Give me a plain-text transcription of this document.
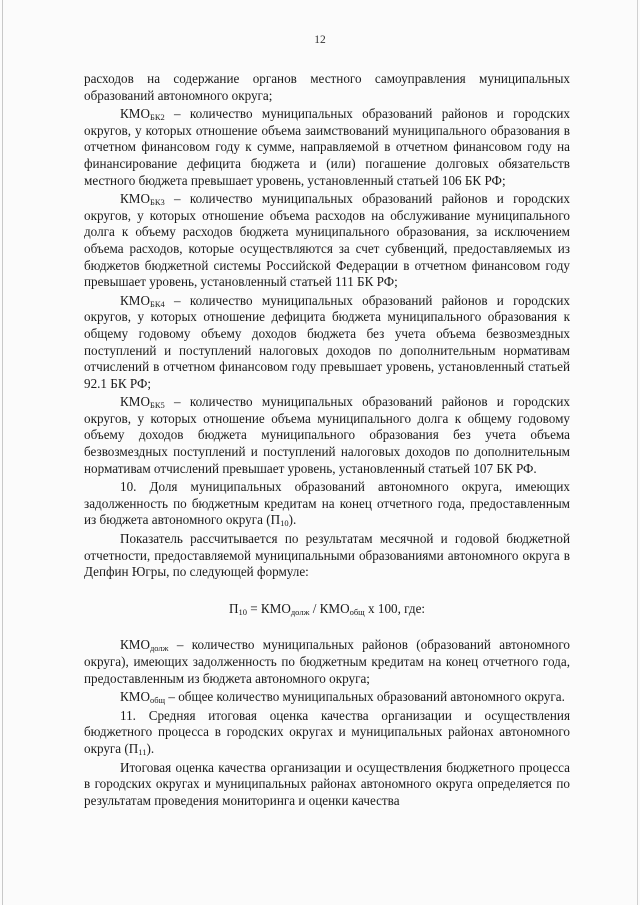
12

расходов на содержание органов местного самоуправления муниципальных образований автономного округа;

$КМО_{БК2}$ – количество муниципальных образований районов и городских округов, у которых отношение объема заимствований муниципального образования в отчетном финансовом году к сумме, направляемой в отчетном финансовом году на финансирование дефицита бюджета и (или) погашение долговых обязательств местного бюджета превышает уровень, установленный статьей 106 БК РФ;

$КМО_{БК3}$ – количество муниципальных образований районов и городских округов, у которых отношение объема расходов на обслуживание муниципального долга к объему расходов бюджета муниципального образования, за исключением объема расходов, которые осуществляются за счет субвенций, предоставляемых из бюджетов бюджетной системы Российской Федерации в отчетном финансовом году превышает уровень, установленный статьей 111 БК РФ;

$КМО_{БК4}$ – количество муниципальных образований районов и городских округов, у которых отношение дефицита бюджета муниципального образования к общему годовому объему доходов бюджета без учета объема безвозмездных поступлений и поступлений налоговых доходов по дополнительным нормативам отчислений в отчетном финансовом году превышает уровень, установленный статьей 92.1 БК РФ;

$КМО_{БК5}$ – количество муниципальных образований районов и городских округов, у которых отношение объема муниципального долга к общему годовому объему доходов бюджета муниципального образования без учета объема безвозмездных поступлений и поступлений налоговых доходов по дополнительным нормативам отчислений превышает уровень, установленный статьей 107 БК РФ.

10. Доля муниципальных образований автономного округа, имеющих задолженность по бюджетным кредитам на конец отчетного года, предоставленным из бюджета автономного округа $(П_{10})$.

Показатель рассчитывается по результатам месячной и годовой бюджетной отчетности, предоставляемой муниципальными образованиями автономного округа в Депфин Югры, по следующей формуле:

$П_{10} = КМО_{долж} / КМО_{общ}$ х 100, где:

$КМО_{долж}$ – количество муниципальных районов (образований автономного округа), имеющих задолженность по бюджетным кредитам на конец отчетного года, предоставленным из бюджета автономного округа;

$КМО_{общ}$ – общее количество муниципальных образований автономного округа.

11. Средняя итоговая оценка качества организации и осуществления бюджетного процесса в городских округах и муниципальных районах автономного округа $(П_{11})$.

Итоговая оценка качества организации и осуществления бюджетного процесса в городских округах и муниципальных районах автономного округа определяется по результатам проведения мониторинга и оценки качества
